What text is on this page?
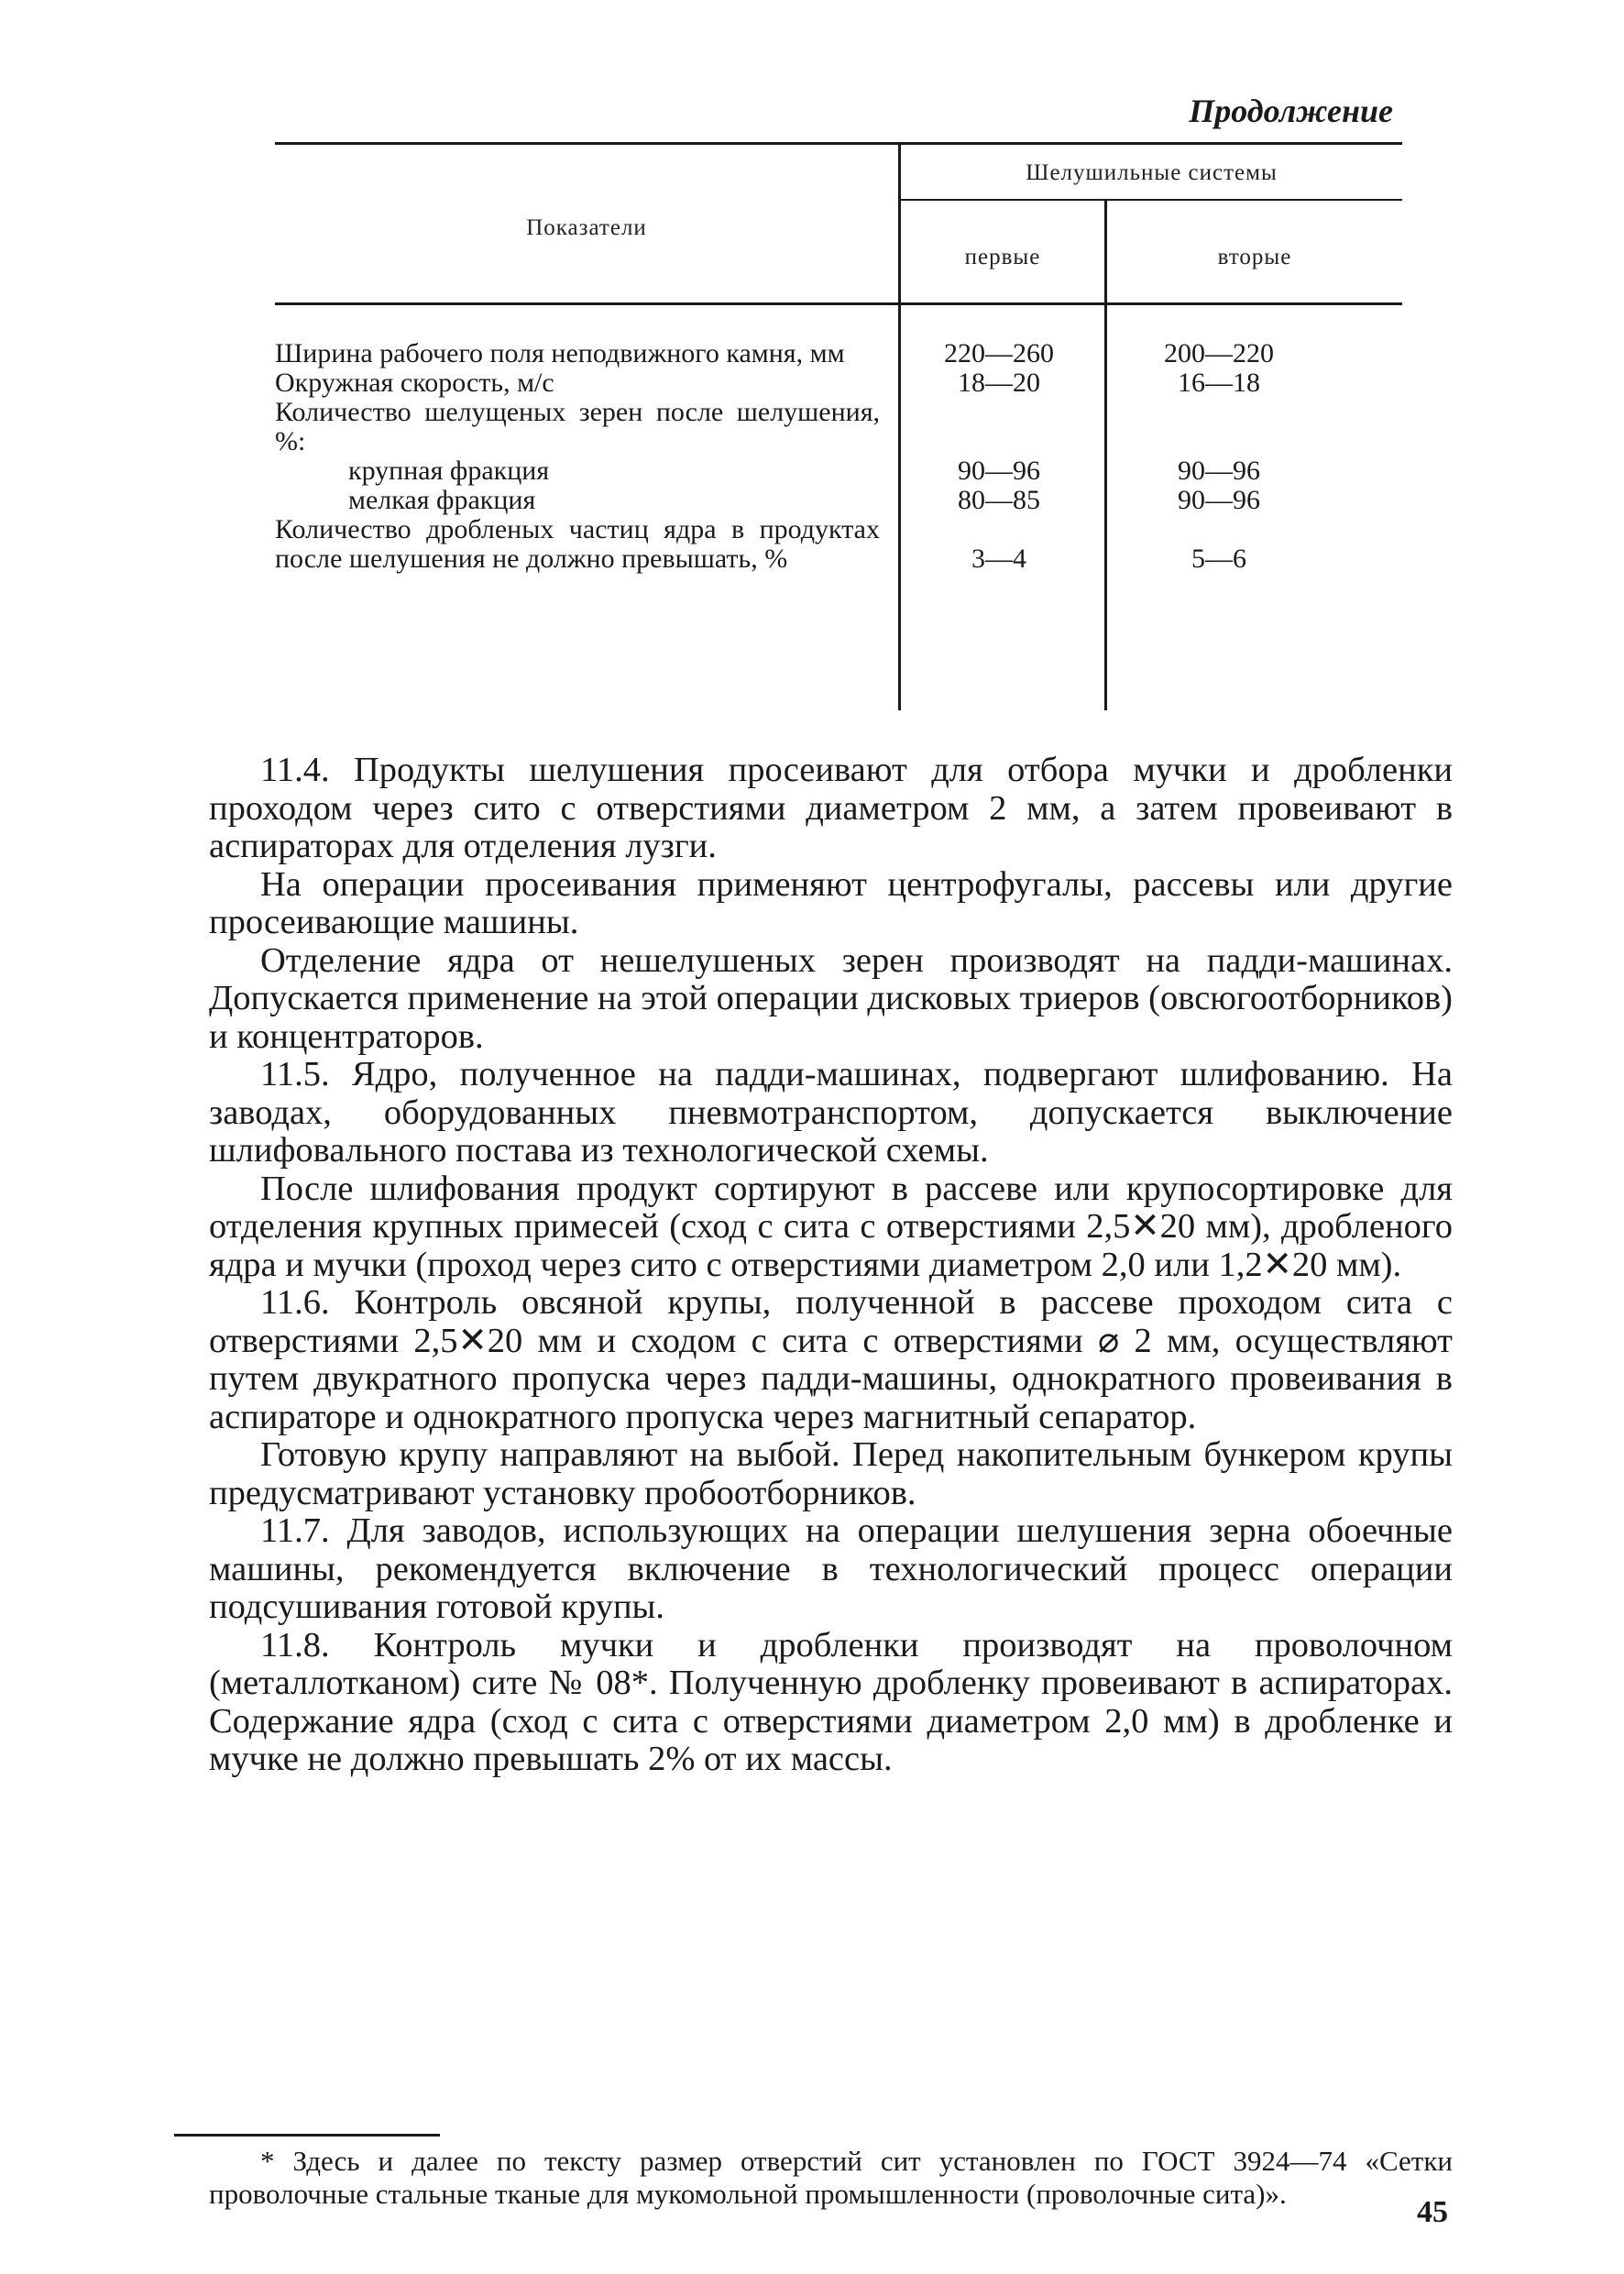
Продолжение
Показатели
Шелушильные системы
первые	вторые
Ширина рабочего поля неподвижного камня, мм	220—260	200—220
Окружная скорость, м/с	18—20	16—18
Количество шелущеных зерен после шелушения, %:
крупная фракция	90—96	90—96
мелкая фракция	80—85	90—96
Количество дробленых частиц ядра в продуктах после шелушения не должно превышать, %	3—4	5—6

11.4. Продукты шелушения просеивают для отбора мучки и дробленки проходом через сито с отверстиями диаметром 2 мм, а затем провеивают в аспираторах для отделения лузги.

На операции просеивания применяют центрофугалы, рассевы или другие просеивающие машины.

Отделение ядра от нешелушеных зерен производят на падди-машинах. Допускается применение на этой операции дисковых триеров (овсюгоотборников) и концентраторов.

11.5. Ядро, полученное на падди-машинах, подвергают шлифованию. На заводах, оборудованных пневмотранспортом, допускается выключение шлифовального постава из технологической схемы.

После шлифования продукт сортируют в рассеве или крупосортировке для отделения крупных примесей (сход с сита с отверстиями 2,5✕20 мм), дробленого ядра и мучки (проход через сито с отверстиями диаметром 2,0 или 1,2✕20 мм).

11.6. Контроль овсяной крупы, полученной в рассеве проходом сита с отверстиями 2,5✕20 мм и сходом с сита с отверстиями ⌀ 2 мм, осуществляют путем двукратного пропуска через падди-машины, однократного провеивания в аспираторе и однократного пропуска через магнитный сепаратор.

Готовую крупу направляют на выбой. Перед накопительным бункером крупы предусматривают установку пробоотборников.

11.7. Для заводов, использующих на операции шелушения зерна обоечные машины, рекомендуется включение в технологический процесс операции подсушивания готовой крупы.

11.8. Контроль мучки и дробленки производят на проволочном (металлотканом) сите № 08*. Полученную дробленку провеивают в аспираторах. Содержание ядра (сход с сита с отверстиями диаметром 2,0 мм) в дробленке и мучке не должно превышать 2% от их массы.

* Здесь и далее по тексту размер отверстий сит установлен по ГОСТ 3924—74 «Сетки проволочные стальные тканые для мукомольной промышленности (проволочные сита)».
45
